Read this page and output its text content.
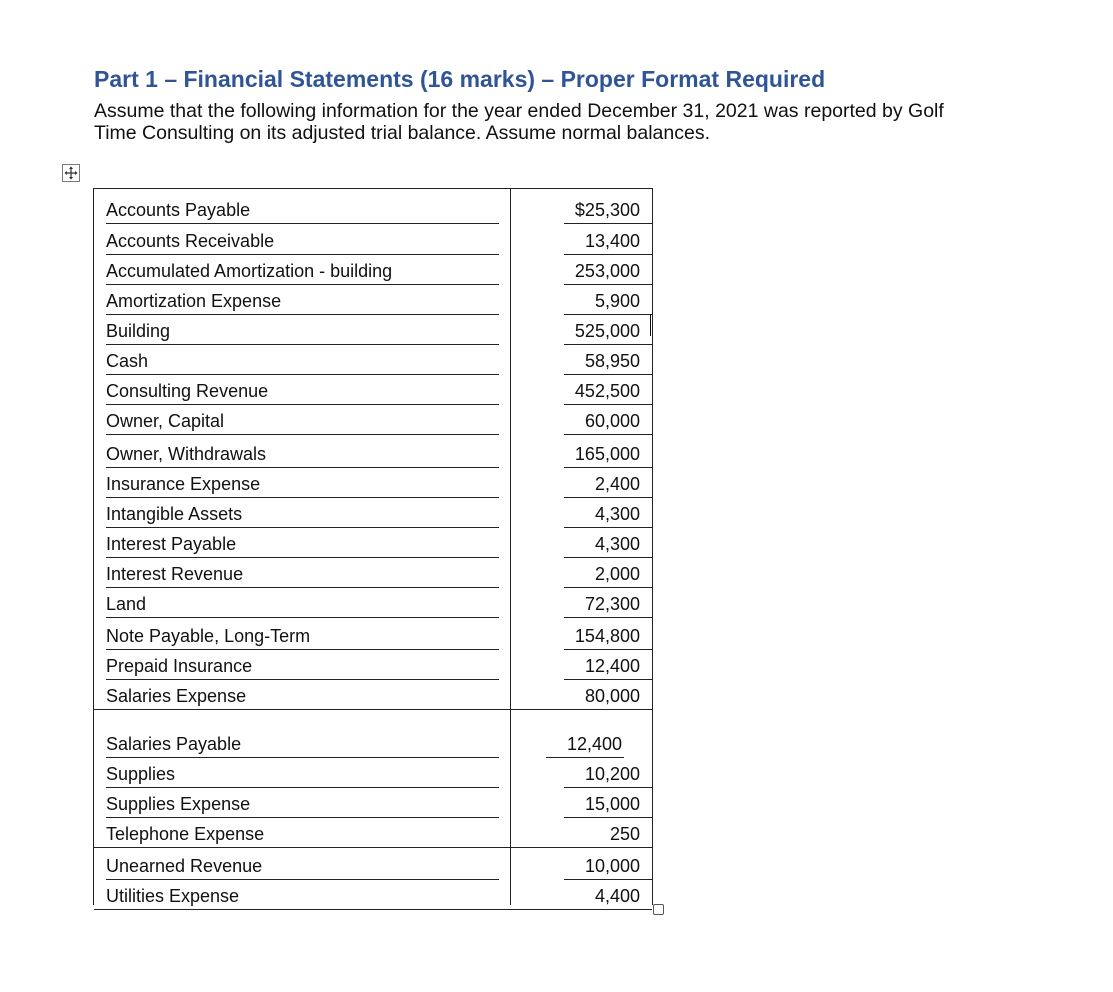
Part 1 – Financial Statements (16 marks) – Proper Format Required

Assume that the following information for the year ended December 31, 2021 was reported by Golf
Time Consulting on its adjusted trial balance. Assume normal balances.

Accounts Payable	$25,300
Accounts Receivable	13,400
Accumulated Amortization - building	253,000
Amortization Expense	5,900
Building	525,000
Cash	58,950
Consulting Revenue	452,500
Owner, Capital	60,000
Owner, Withdrawals	165,000
Insurance Expense	2,400
Intangible Assets	4,300
Interest Payable	4,300
Interest Revenue	2,000
Land	72,300
Note Payable, Long-Term	154,800
Prepaid Insurance	12,400
Salaries Expense	80,000
Salaries Payable	12,400
Supplies	10,200
Supplies Expense	15,000
Telephone Expense	250
Unearned Revenue	10,000
Utilities Expense	4,400
